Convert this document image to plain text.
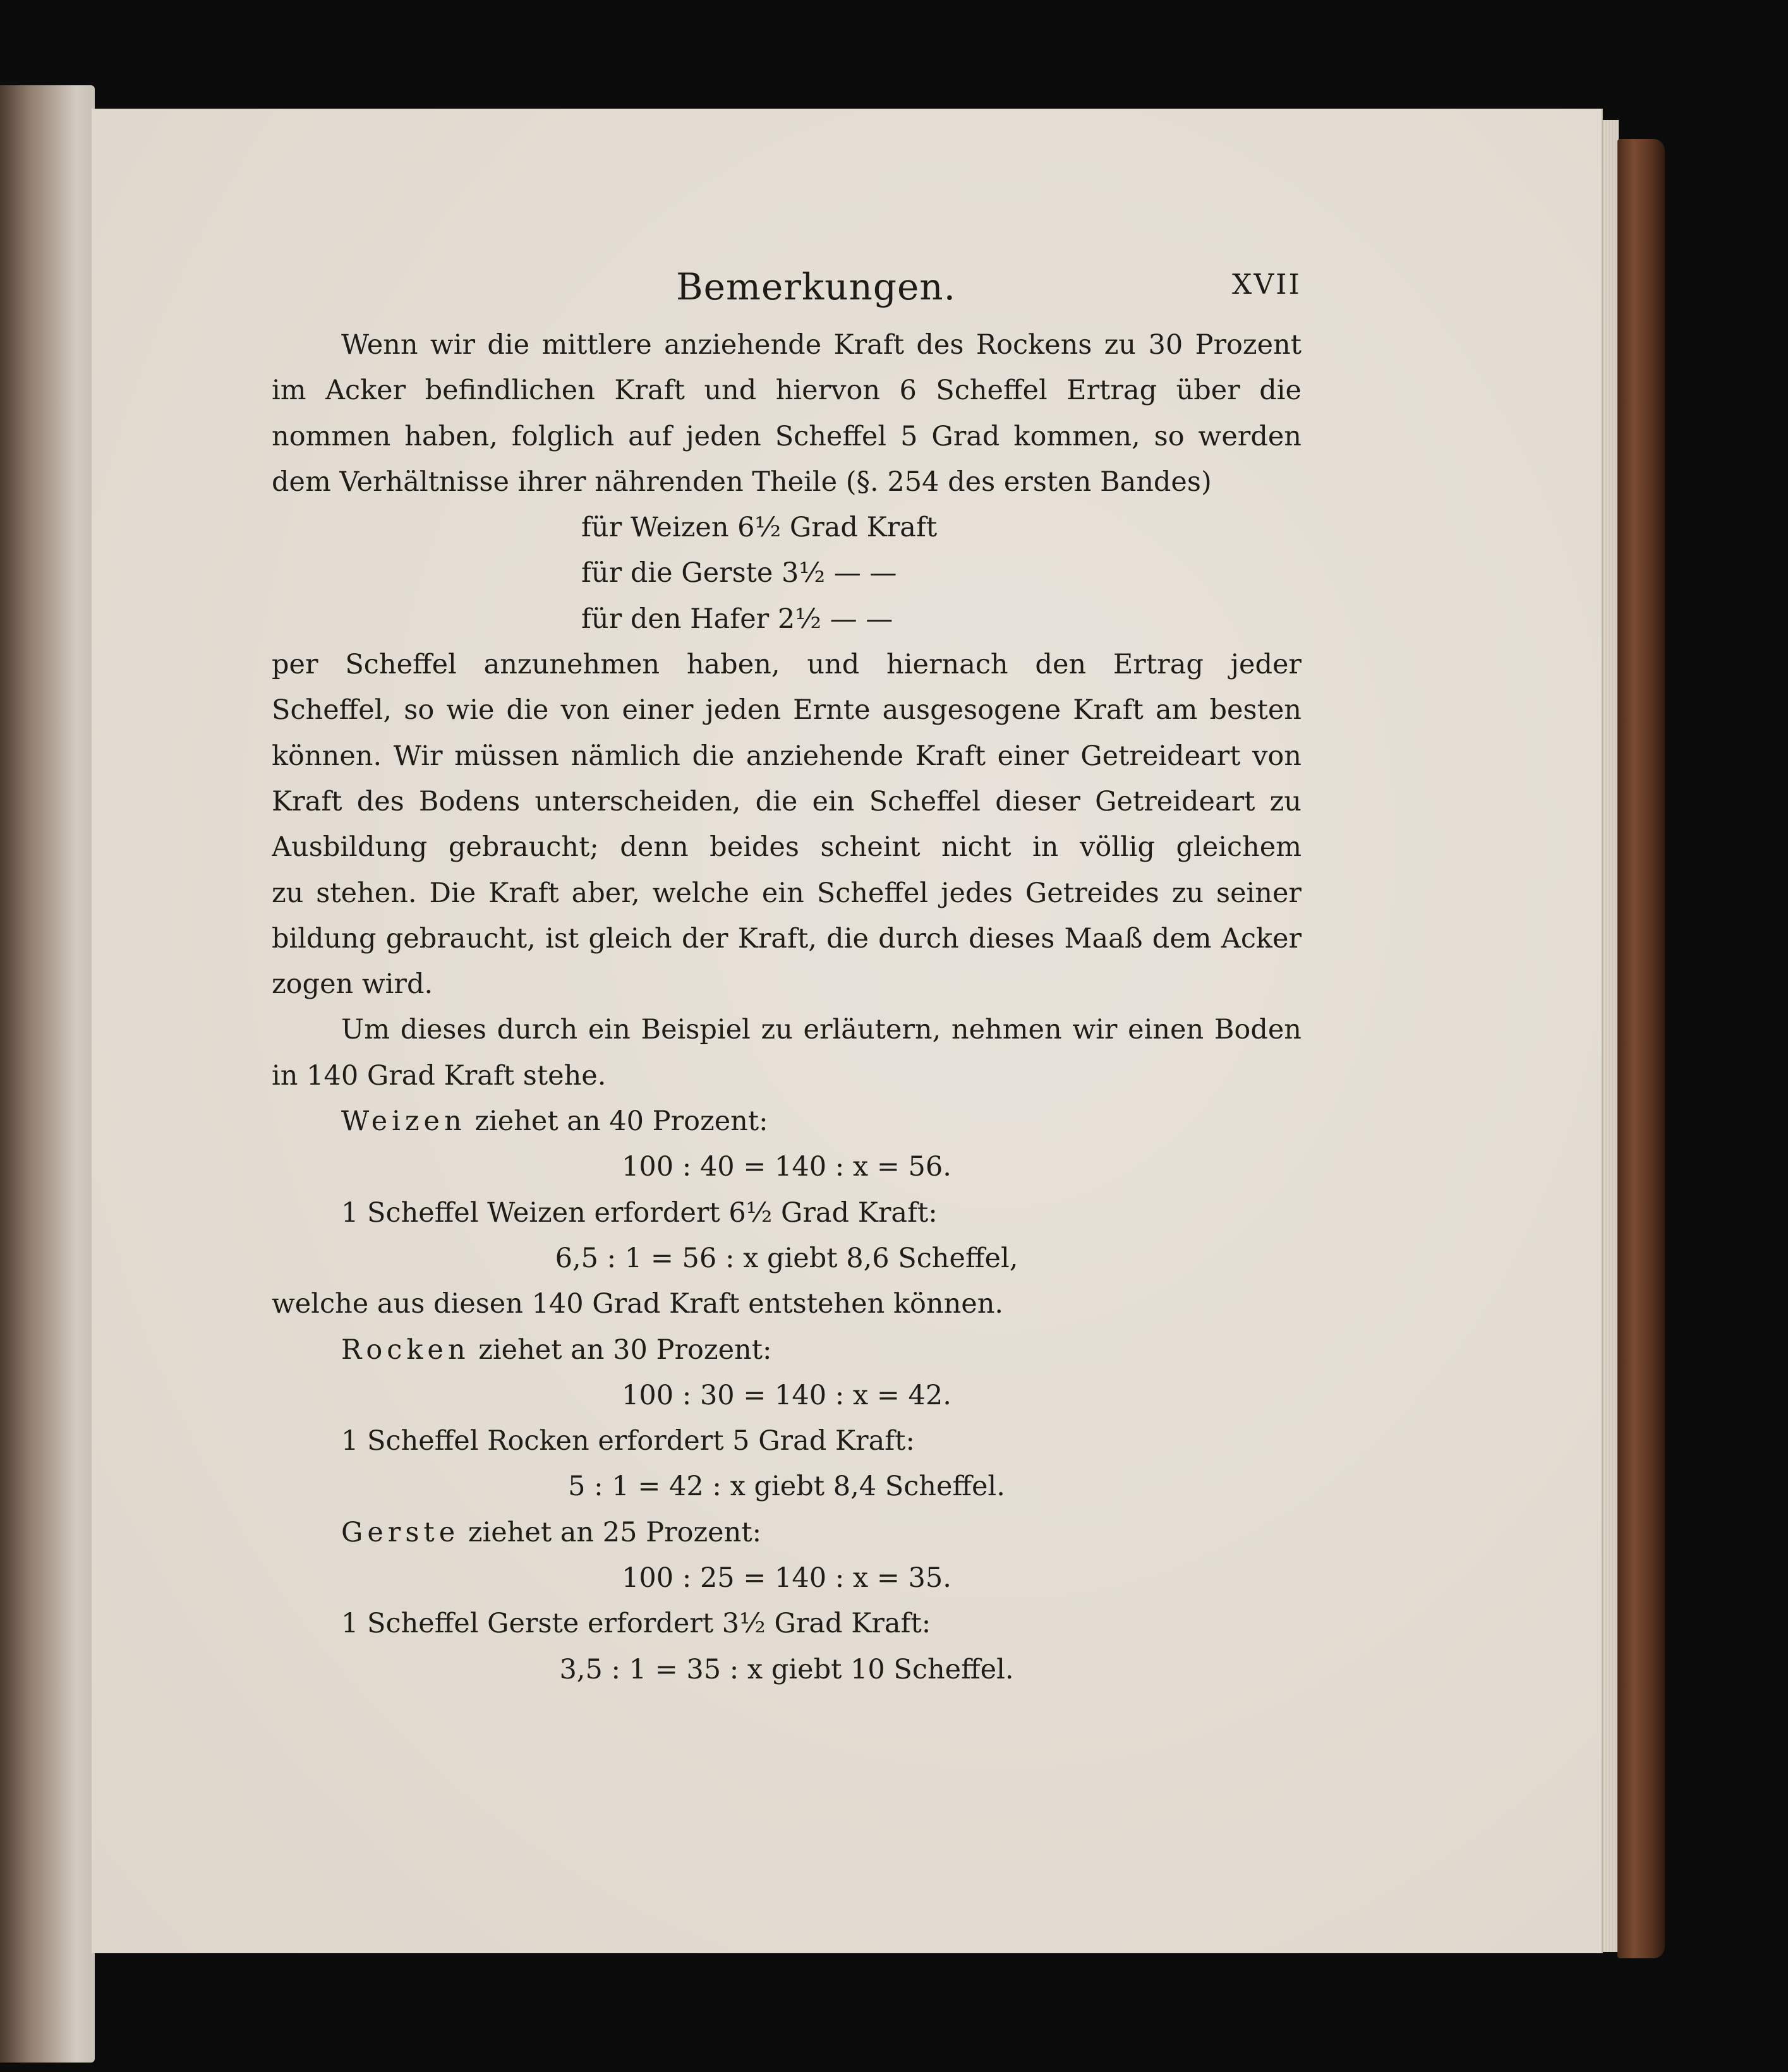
Bemerkungen.	XVII
Wenn wir die mittlere anziehende Kraft des Rockens zu 30 Prozent
im Acker befindlichen Kraft und hiervon 6 Scheffel Ertrag über die
nommen haben, folglich auf jeden Scheffel 5 Grad kommen, so werden
dem Verhältnisse ihrer nährenden Theile (§. 254 des ersten Bandes)
für Weizen 6½ Grad Kraft
für die Gerste 3½ — —
für den Hafer 2½ — —
per Scheffel anzunehmen haben, und hiernach den Ertrag jeder
Scheffel, so wie die von einer jeden Ernte ausgesogene Kraft am besten
können. Wir müssen nämlich die anziehende Kraft einer Getreideart von
Kraft des Bodens unterscheiden, die ein Scheffel dieser Getreideart zu
Ausbildung gebraucht; denn beides scheint nicht in völlig gleichem
zu stehen. Die Kraft aber, welche ein Scheffel jedes Getreides zu seiner
bildung gebraucht, ist gleich der Kraft, die durch dieses Maaß dem Acker
zogen wird.
Um dieses durch ein Beispiel zu erläutern, nehmen wir einen Boden
in 140 Grad Kraft stehe.
Weizen ziehet an 40 Prozent:
100 : 40 = 140 : x = 56.
1 Scheffel Weizen erfordert 6½ Grad Kraft:
6,5 : 1 = 56 : x giebt 8,6 Scheffel,
welche aus diesen 140 Grad Kraft entstehen können.
Rocken ziehet an 30 Prozent:
100 : 30 = 140 : x = 42.
1 Scheffel Rocken erfordert 5 Grad Kraft:
5 : 1 = 42 : x giebt 8,4 Scheffel.
Gerste ziehet an 25 Prozent:
100 : 25 = 140 : x = 35.
1 Scheffel Gerste erfordert 3½ Grad Kraft:
3,5 : 1 = 35 : x giebt 10 Scheffel.
